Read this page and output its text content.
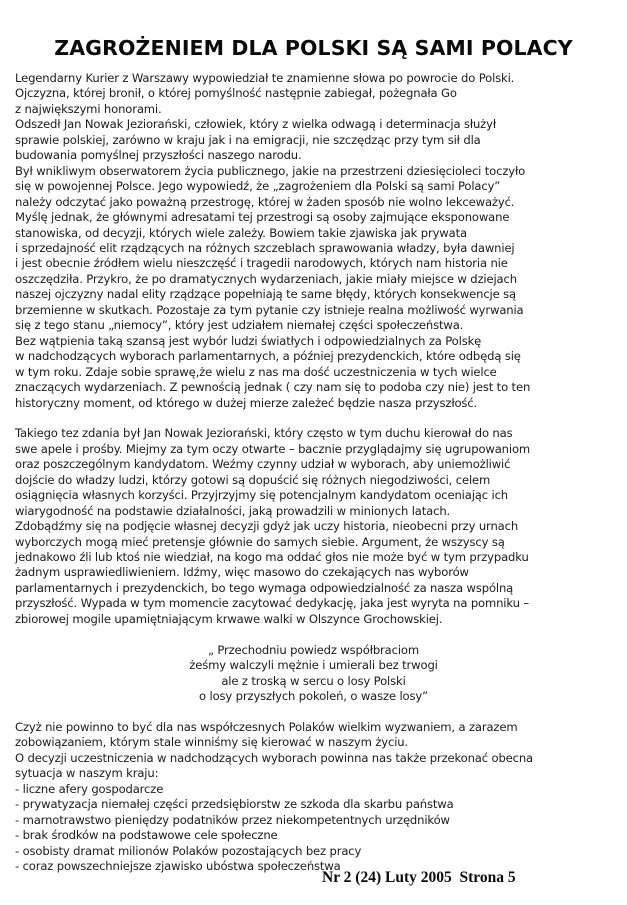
ZAGROŻENIEM DLA POLSKI SĄ SAMI POLACY
Legendarny Kurier z Warszawy wypowiedział te znamienne słowa po powrocie do Polski.
Ojczyzna, której bronił, o której pomyślność następnie zabiegał, pożegnała Go
z największymi honorami.
Odszedł Jan Nowak Jeziorański, człowiek, który z wielka odwagą i determinacja służył
sprawie polskiej, zarówno w kraju jak i na emigracji, nie szczędząc przy tym sił dla
budowania pomyślnej przyszłości naszego narodu.
Był wnikliwym obserwatorem życia publicznego, jakie na przestrzeni dziesięcioleci toczyło
się w powojennej Polsce. Jego wypowiedź, że „zagrożeniem dla Polski są sami Polacy”
należy odczytać jako poważną przestrogę, której w żaden sposób nie wolno lekceważyć.
Myślę jednak, że głównymi adresatami tej przestrogi są osoby zajmujące eksponowane
stanowiska, od decyzji, których wiele zależy. Bowiem takie zjawiska jak prywata
i sprzedajność elit rządzących na różnych szczeblach sprawowania władzy, była dawniej
i jest obecnie źródłem wielu nieszczęść i tragedii narodowych, których nam historia nie
oszczędziła. Przykro, że po dramatycznych wydarzeniach, jakie miały miejsce w dziejach
naszej ojczyzny nadal elity rządzące popełniają te same błędy, których konsekwencje są
brzemienne w skutkach. Pozostaje za tym pytanie czy istnieje realna możliwość wyrwania
się z tego stanu „niemocy”, który jest udziałem niemałej części społeczeństwa.
Bez wątpienia taką szansą jest wybór ludzi światłych i odpowiedzialnych za Polskę
w nadchodzących wyborach parlamentarnych, a później prezydenckich, które odbędą się
w tym roku. Zdaje sobie sprawę,że wielu z nas ma dość uczestniczenia w tych wielce
znaczących wydarzeniach. Z pewnością jednak ( czy nam się to podoba czy nie) jest to ten
historyczny moment, od którego w dużej mierze zależeć będzie nasza przyszłość.
Takiego tez zdania był Jan Nowak Jeziorański, który często w tym duchu kierował do nas
swe apele i prośby. Miejmy za tym oczy otwarte – bacznie przyglądajmy się ugrupowaniom
oraz poszczególnym kandydatom. Weźmy czynny udział w wyborach, aby uniemożliwić
dojście do władzy ludzi, którzy gotowi są dopuścić się różnych niegodziwości, celem
osiągnięcia własnych korzyści. Przyjrzyjmy się potencjalnym kandydatom oceniając ich
wiarygodność na podstawie działalności, jaką prowadzili w minionych latach.
Zdobądźmy się na podjęcie własnej decyzji gdyż jak uczy historia, nieobecni przy urnach
wyborczych mogą mieć pretensje głównie do samych siebie. Argument, że wszyscy są
jednakowo źli lub ktoś nie wiedział, na kogo ma oddać głos nie może być w tym przypadku
żadnym usprawiedliwieniem. Idźmy, więc masowo do czekających nas wyborów
parlamentarnych i prezydenckich, bo tego wymaga odpowiedzialność za nasza wspólną
przyszłość. Wypada w tym momencie zacytować dedykację, jaka jest wyryta na pomniku –
zbiorowej mogile upamiętniającym krwawe walki w Olszynce Grochowskiej.
„ Przechodniu powiedz współbraciom
żeśmy walczyli mężnie i umierali bez trwogi
ale z troską w sercu o losy Polski
o losy przyszłych pokoleń, o wasze losy”
Czyż nie powinno to być dla nas współczesnych Polaków wielkim wyzwaniem, a zarazem
zobowiązaniem, którym stale winniśmy się kierować w naszym życiu.
O decyzji uczestniczenia w nadchodzących wyborach powinna nas także przekonać obecna
sytuacja w naszym kraju:
- liczne afery gospodarcze
- prywatyzacja niemałej części przedsiębiorstw ze szkoda dla skarbu państwa
- marnotrawstwo pieniędzy podatników przez niekompetentnych urzędników
- brak środków na podstawowe cele społeczne
- osobisty dramat milionów Polaków pozostających bez pracy
- coraz powszechniejsze zjawisko ubóstwa społeczeństwa
Nr 2 (24) Luty 2005 Strona 5
